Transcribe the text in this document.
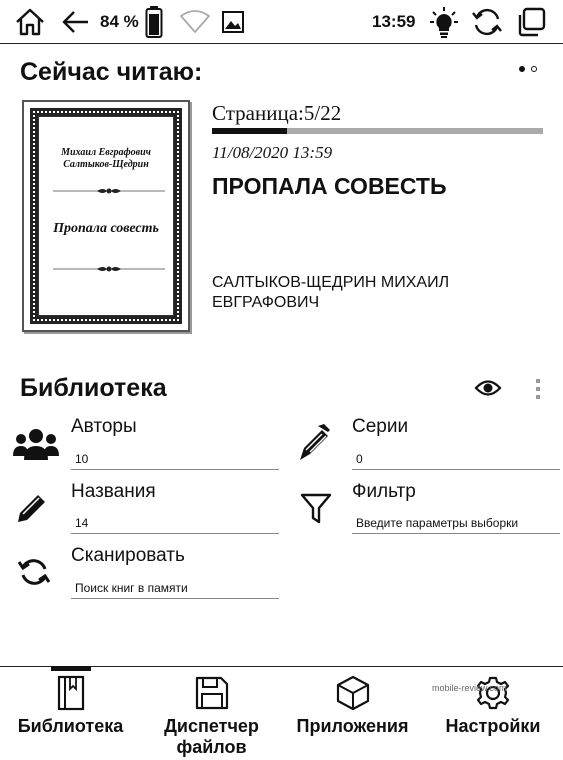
84 %	13:59
Сейчас читаю:
Михаил Евграфович Салтыков-Щедрин
Пропала совесть
Страница:5/22
11/08/2020 13:59
ПРОПАЛА СОВЕСТЬ
САЛТЫКОВ-ЩЕДРИН МИХАИЛ ЕВГРАФОВИЧ
Библиотека
Авторы
10
Серии
0
Названия
14
Фильтр
Введите параметры выборки
Сканировать
Поиск книг в памяти
Библиотека	Диспетчер файлов
Приложения Настройки
mobile-review.com
